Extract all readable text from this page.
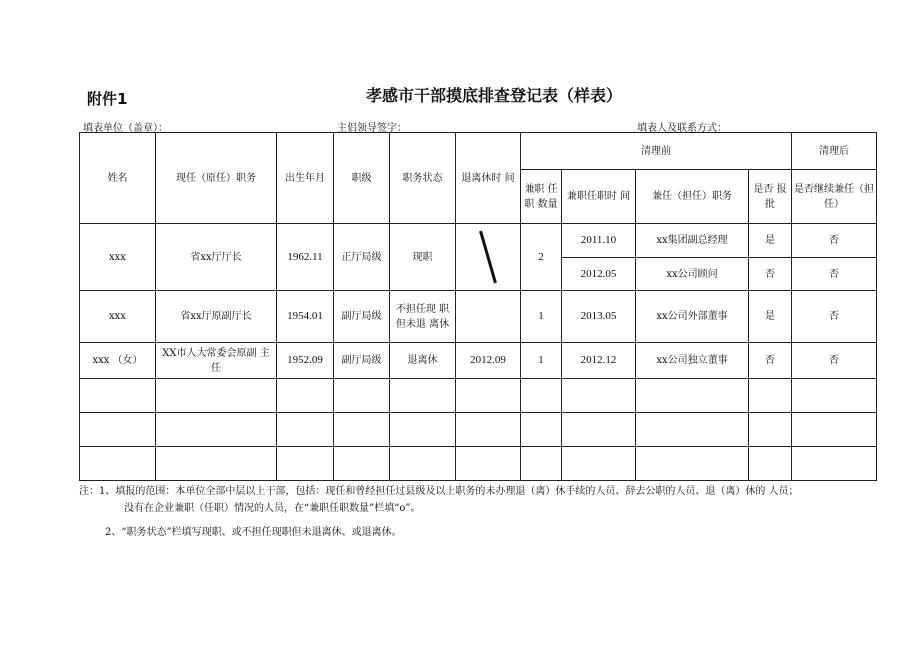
附件1	孝感市干部摸底排查登记表（样表）
填表单位（盖章）：	主侣领导签字：	填表人及联系方式：
姓名	现任（原任）职务	出生年月	职级	职务状态	退离休时 间	清理前				清理后
						兼职 任职 数量	兼职任职时 间	兼任（担任）职务	是否 报批	是否继续兼任（担任）
xxx	省xx厅厅长	1962.11	正厅局级	现职		2	2011.10	xx集团副总经理	是	否
							2012.05	xx公司顾问	否	否
xxx	省xx厅原副厅长	1954.01	副厅局级	不担任现 职但未退 离休		1	2013.05	xx公司外部董事	是	否
xxx （女）	XX市人大常委会原副 主任	1952.09	副厅局级	退离休	2012.09	1	2012.12	xx公司独立董事	否	否

注：1、填报的范围：本单位全部中层以上干部，包括：现任和曾经担任过县级及以上职务的未办理退（离）休手续的人员、辞去公职的人员、退（离）休的 人员；
没有在企业兼职（任职）情况的人员，在“兼职任职数量”栏填“o”。
2、“职务状态”栏填写现职、或不担任现职但未退离休、或退离休。
